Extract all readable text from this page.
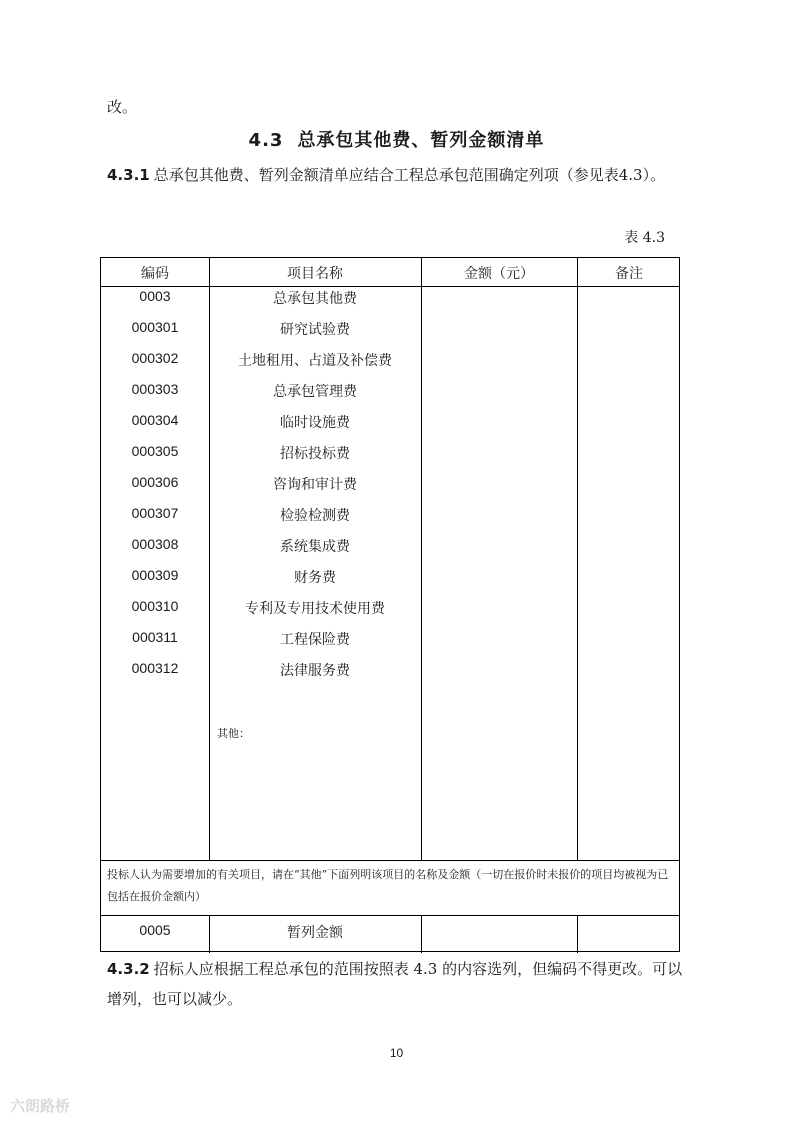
改。
4.3 总承包其他费、暂列金额清单
4.3.1 总承包其他费、暂列金额清单应结合工程总承包范围确定列项（参见表4.3）。
表 4.3
编码	项目名称	金额（元）	备注
0003	总承包其他费
000301	研究试验费
000302	土地租用、占道及补偿费
000303	总承包管理费
000304	临时设施费
000305	招标投标费
000306	咨询和审计费
000307	检验检测费
000308	系统集成费
000309	财务费
000310	专利及专用技术使用费
000311	工程保险费
000312	法律服务费
其他：
投标人认为需要增加的有关项目，请在“其他”下面列明该项目的名称及金额（一切在报价时未报价的项目均被视为已包括在报价金额内）
0005	暂列金额
4.3.2 招标人应根据工程总承包的范围按照表 4.3 的内容选列，但编码不得更改。可以增列，也可以减少。
10
六朗路桥
